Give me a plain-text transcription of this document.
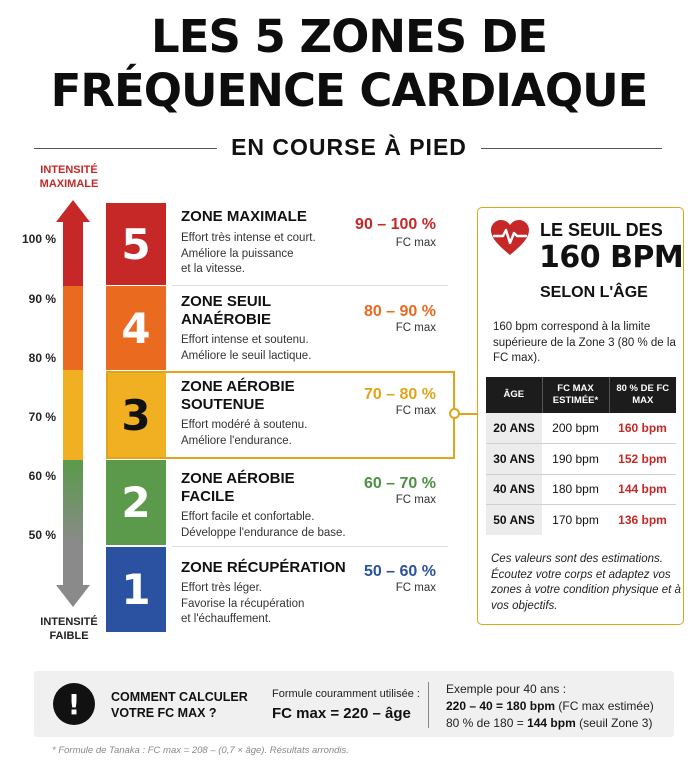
LES 5 ZONES DE
FRÉQUENCE CARDIAQUE
EN COURSE À PIED
INTENSITÉ
MAXIMALE
INTENSITÉ
FAIBLE
100 %
90 %
80 %
70 %
60 %
50 %
5
ZONE MAXIMALE
Effort très intense et court.
Améliore la puissance
et la vitesse.
90 – 100 %
FC max
4
ZONE SEUIL
ANAÉROBIE
Effort intense et soutenu.
Améliore le seuil lactique.
80 – 90 %
FC max
3
ZONE AÉROBIE
SOUTENUE
Effort modéré à soutenu.
Améliore l'endurance.
70 – 80 %
FC max
2	ZONE AÉROBIE
FACILE
Effort facile et confortable.
Développe l'endurance de base.
60 – 70 %
FC max
1	ZONE RÉCUPÉRATION
Effort très léger.
Favorise la récupération
et l'échauffement.
50 – 60 %
FC max
LE SEUIL DES
160 BPM
SELON L'ÂGE
160 bpm correspond à la limite supérieure de la Zone 3 (80 % de la FC max).
ÂGE	FC MAX ESTIMÉE*	80 % DE FC MAX
20 ANS	200 bpm	160 bpm
30 ANS	190 bpm	152 bpm
40 ANS	180 bpm	144 bpm
50 ANS	170 bpm	136 bpm
Ces valeurs sont des estimations. Écoutez votre corps et adaptez vos zones à votre condition physique et à vos objectifs.
!	COMMENT CALCULER
VOTRE FC MAX ?
Formule couramment utilisée :
FC max = 220 – âge
Exemple pour 40 ans :
220 – 40 = 180 bpm (FC max estimée)
80 % de 180 = 144 bpm (seuil Zone 3)
* Formule de Tanaka : FC max = 208 – (0,7 × âge). Résultats arrondis.
